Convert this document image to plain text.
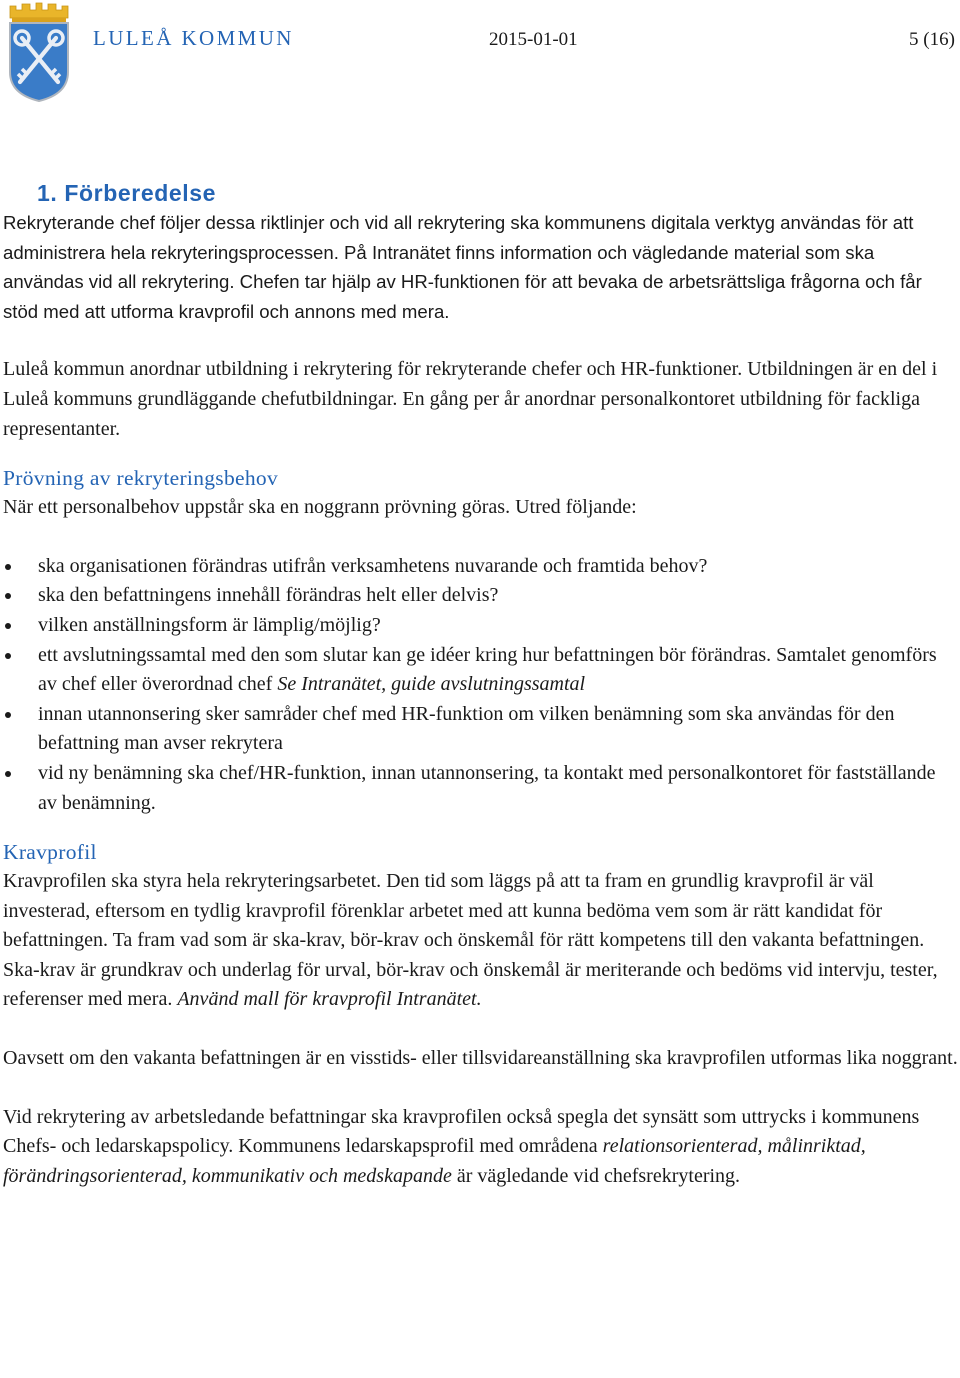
LULEÅ KOMMUN	2015-01-01	5 (16)
1. Förberedelse

Rekryterande chef följer dessa riktlinjer och vid all rekrytering ska kommunens digitala verktyg användas för att administrera hela rekryteringsprocessen. På Intranätet finns information och vägledande material som ska användas vid all rekrytering. Chefen tar hjälp av HR-funktionen för att bevaka de arbetsrättsliga frågorna och får stöd med att utforma kravprofil och annons med mera.

Luleå kommun anordnar utbildning i rekrytering för rekryterande chefer och HR-funktioner. Utbildningen är en del i Luleå kommuns grundläggande chefutbildningar. En gång per år anordnar personalkontoret utbildning för fackliga representanter.

Prövning av rekryteringsbehov

När ett personalbehov uppstår ska en noggrann prövning göras. Utred följande:

ska organisationen förändras utifrån verksamhetens nuvarande och framtida behov?
ska den befattningens innehåll förändras helt eller delvis?
vilken anställningsform är lämplig/möjlig?
ett avslutningssamtal med den som slutar kan ge idéer kring hur befattningen bör förändras. Samtalet genomförs av chef eller överordnad chef Se Intranätet, guide avslutningssamtal
innan utannonsering sker samråder chef med HR-funktion om vilken benämning som ska användas för den befattning man avser rekrytera
vid ny benämning ska chef/HR-funktion, innan utannonsering, ta kontakt med personalkontoret för fastställande av benämning.
Kravprofil

Kravprofilen ska styra hela rekryteringsarbetet. Den tid som läggs på att ta fram en grundlig kravprofil är väl investerad, eftersom en tydlig kravprofil förenklar arbetet med att kunna bedöma vem som är rätt kandidat för befattningen. Ta fram vad som är ska-krav, bör-krav och önskemål för rätt kompetens till den vakanta befattningen. Ska-krav är grundkrav och underlag för urval, bör-krav och önskemål är meriterande och bedöms vid intervju, tester, referenser med mera. Använd mall för kravprofil Intranätet.

Oavsett om den vakanta befattningen är en visstids- eller tillsvidareanställning ska kravprofilen utformas lika noggrant.

Vid rekrytering av arbetsledande befattningar ska kravprofilen också spegla det synsätt som uttrycks i kommunens Chefs- och ledarskapspolicy. Kommunens ledarskapsprofil med områdena relationsorienterad, målinriktad, förändringsorienterad, kommunikativ och medskapande är vägledande vid chefsrekrytering.
